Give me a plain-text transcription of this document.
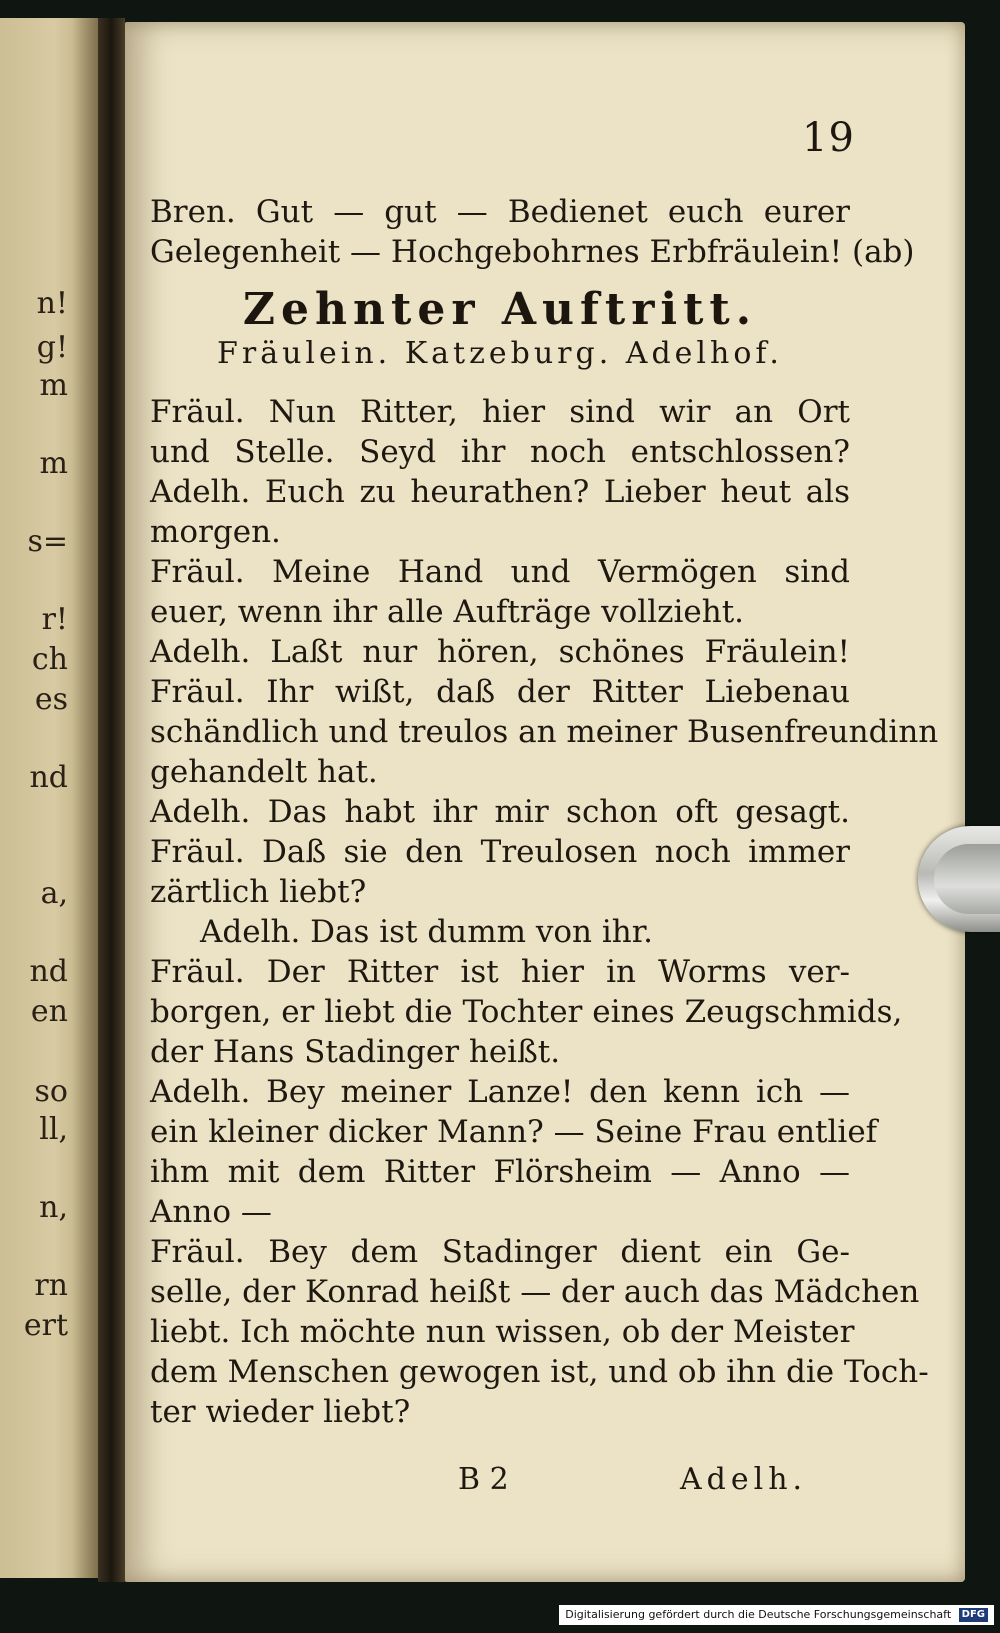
n!
g!
m
m
s=
r!
ch
es
nd
a,
nd
en
so
ll,
n,
rn
ert
19
Bren. Gut — gut — Bedienet euch eurer
Gelegenheit — Hochgebohrnes Erbfräulein! (ab)
Zehnter Auftritt.
Fräulein. Katzeburg. Adelhof.
Fräul. Nun Ritter, hier sind wir an Ort
und Stelle. Seyd ihr noch entschlossen?
Adelh. Euch zu heurathen? Lieber heut als
morgen.
Fräul. Meine Hand und Vermögen sind
euer, wenn ihr alle Aufträge vollzieht.
Adelh. Laßt nur hören, schönes Fräulein!
Fräul. Ihr wißt, daß der Ritter Liebenau
schändlich und treulos an meiner Busenfreundinn
gehandelt hat.
Adelh. Das habt ihr mir schon oft gesagt.
Fräul. Daß sie den Treulosen noch immer
zärtlich liebt?
Adelh. Das ist dumm von ihr.
Fräul. Der Ritter ist hier in Worms ver-
borgen, er liebt die Tochter eines Zeugschmids,
der Hans Stadinger heißt.
Adelh. Bey meiner Lanze! den kenn ich —
ein kleiner dicker Mann? — Seine Frau entlief
ihm mit dem Ritter Flörsheim — Anno —
Anno —
Fräul. Bey dem Stadinger dient ein Ge-
selle, der Konrad heißt — der auch das Mädchen
liebt. Ich möchte nun wissen, ob der Meister
dem Menschen gewogen ist, und ob ihn die Toch-
ter wieder liebt?
B 2	Adelh.
Digitalisierung gefördert durch die Deutsche Forschungsgemeinschaft DFG
